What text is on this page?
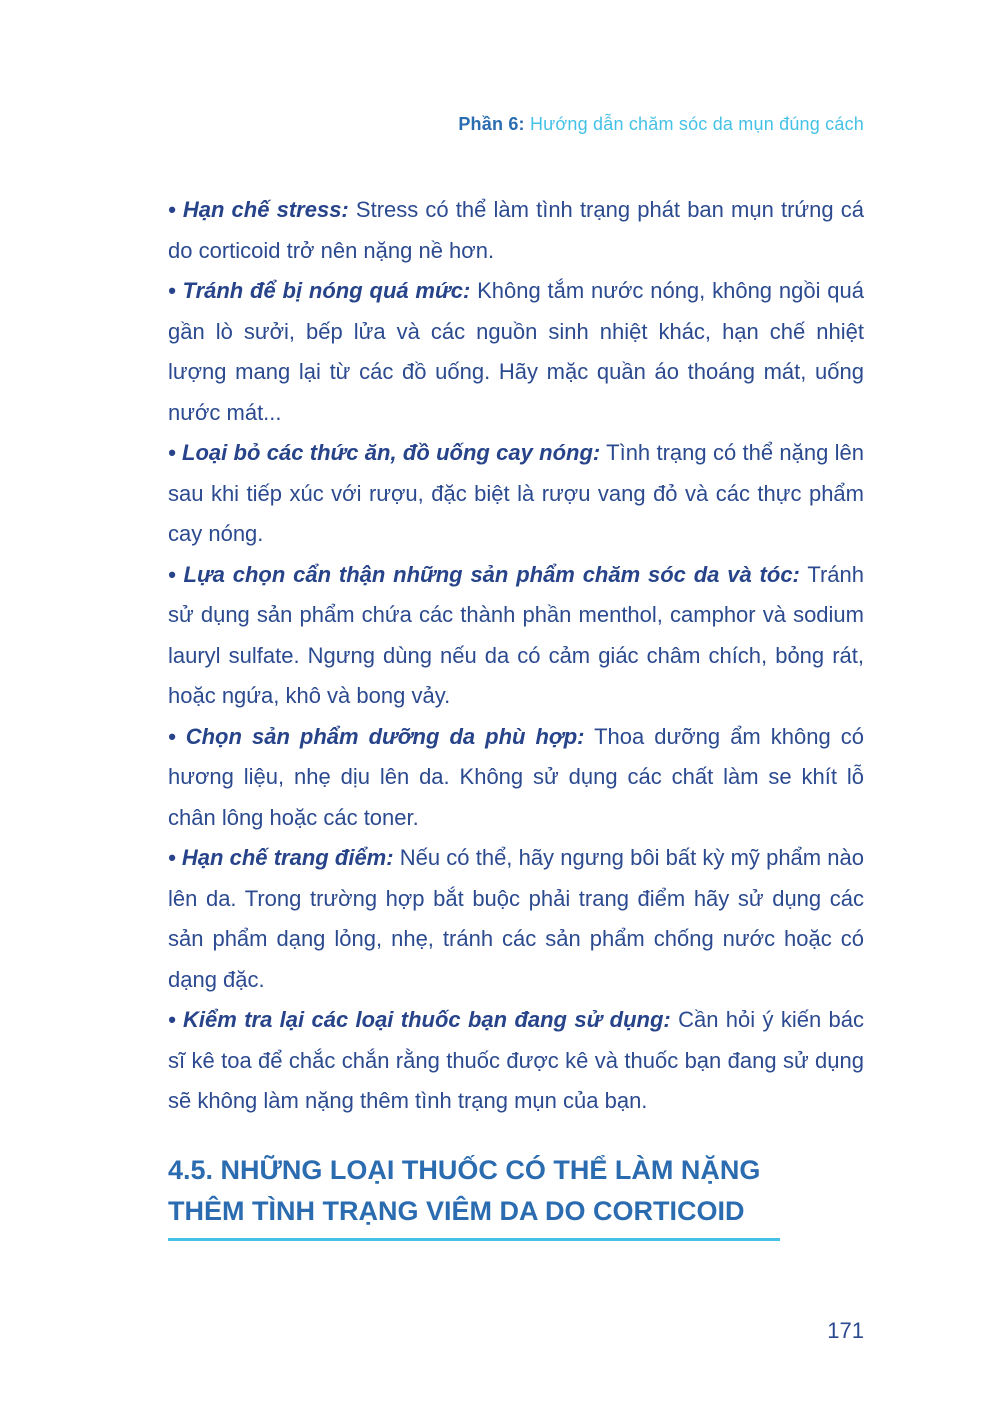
Phần 6: Hướng dẫn chăm sóc da mụn đúng cách

• Hạn chế stress: Stress có thể làm tình trạng phát ban mụn trứng cá do corticoid trở nên nặng nề hơn.

• Tránh để bị nóng quá mức: Không tắm nước nóng, không ngồi quá gần lò sưởi, bếp lửa và các nguồn sinh nhiệt khác, hạn chế nhiệt lượng mang lại từ các đồ uống. Hãy mặc quần áo thoáng mát, uống nước mát...

• Loại bỏ các thức ăn, đồ uống cay nóng: Tình trạng có thể nặng lên sau khi tiếp xúc với rượu, đặc biệt là rượu vang đỏ và các thực phẩm cay nóng.

• Lựa chọn cẩn thận những sản phẩm chăm sóc da và tóc: Tránh sử dụng sản phẩm chứa các thành phần menthol, camphor và sodium lauryl sulfate. Ngưng dùng nếu da có cảm giác châm chích, bỏng rát, hoặc ngứa, khô và bong vảy.

• Chọn sản phẩm dưỡng da phù hợp: Thoa dưỡng ẩm không có hương liệu, nhẹ dịu lên da. Không sử dụng các chất làm se khít lỗ chân lông hoặc các toner.

• Hạn chế trang điểm: Nếu có thể, hãy ngưng bôi bất kỳ mỹ phẩm nào lên da. Trong trường hợp bắt buộc phải trang điểm hãy sử dụng các sản phẩm dạng lỏng, nhẹ, tránh các sản phẩm chống nước hoặc có dạng đặc.

• Kiểm tra lại các loại thuốc bạn đang sử dụng: Cần hỏi ý kiến bác sĩ kê toa để chắc chắn rằng thuốc được kê và thuốc bạn đang sử dụng sẽ không làm nặng thêm tình trạng mụn của bạn.

4.5. NHỮNG LOẠI THUỐC CÓ THỂ LÀM NẶNG THÊM TÌNH TRẠNG VIÊM DA DO CORTICOID
171
